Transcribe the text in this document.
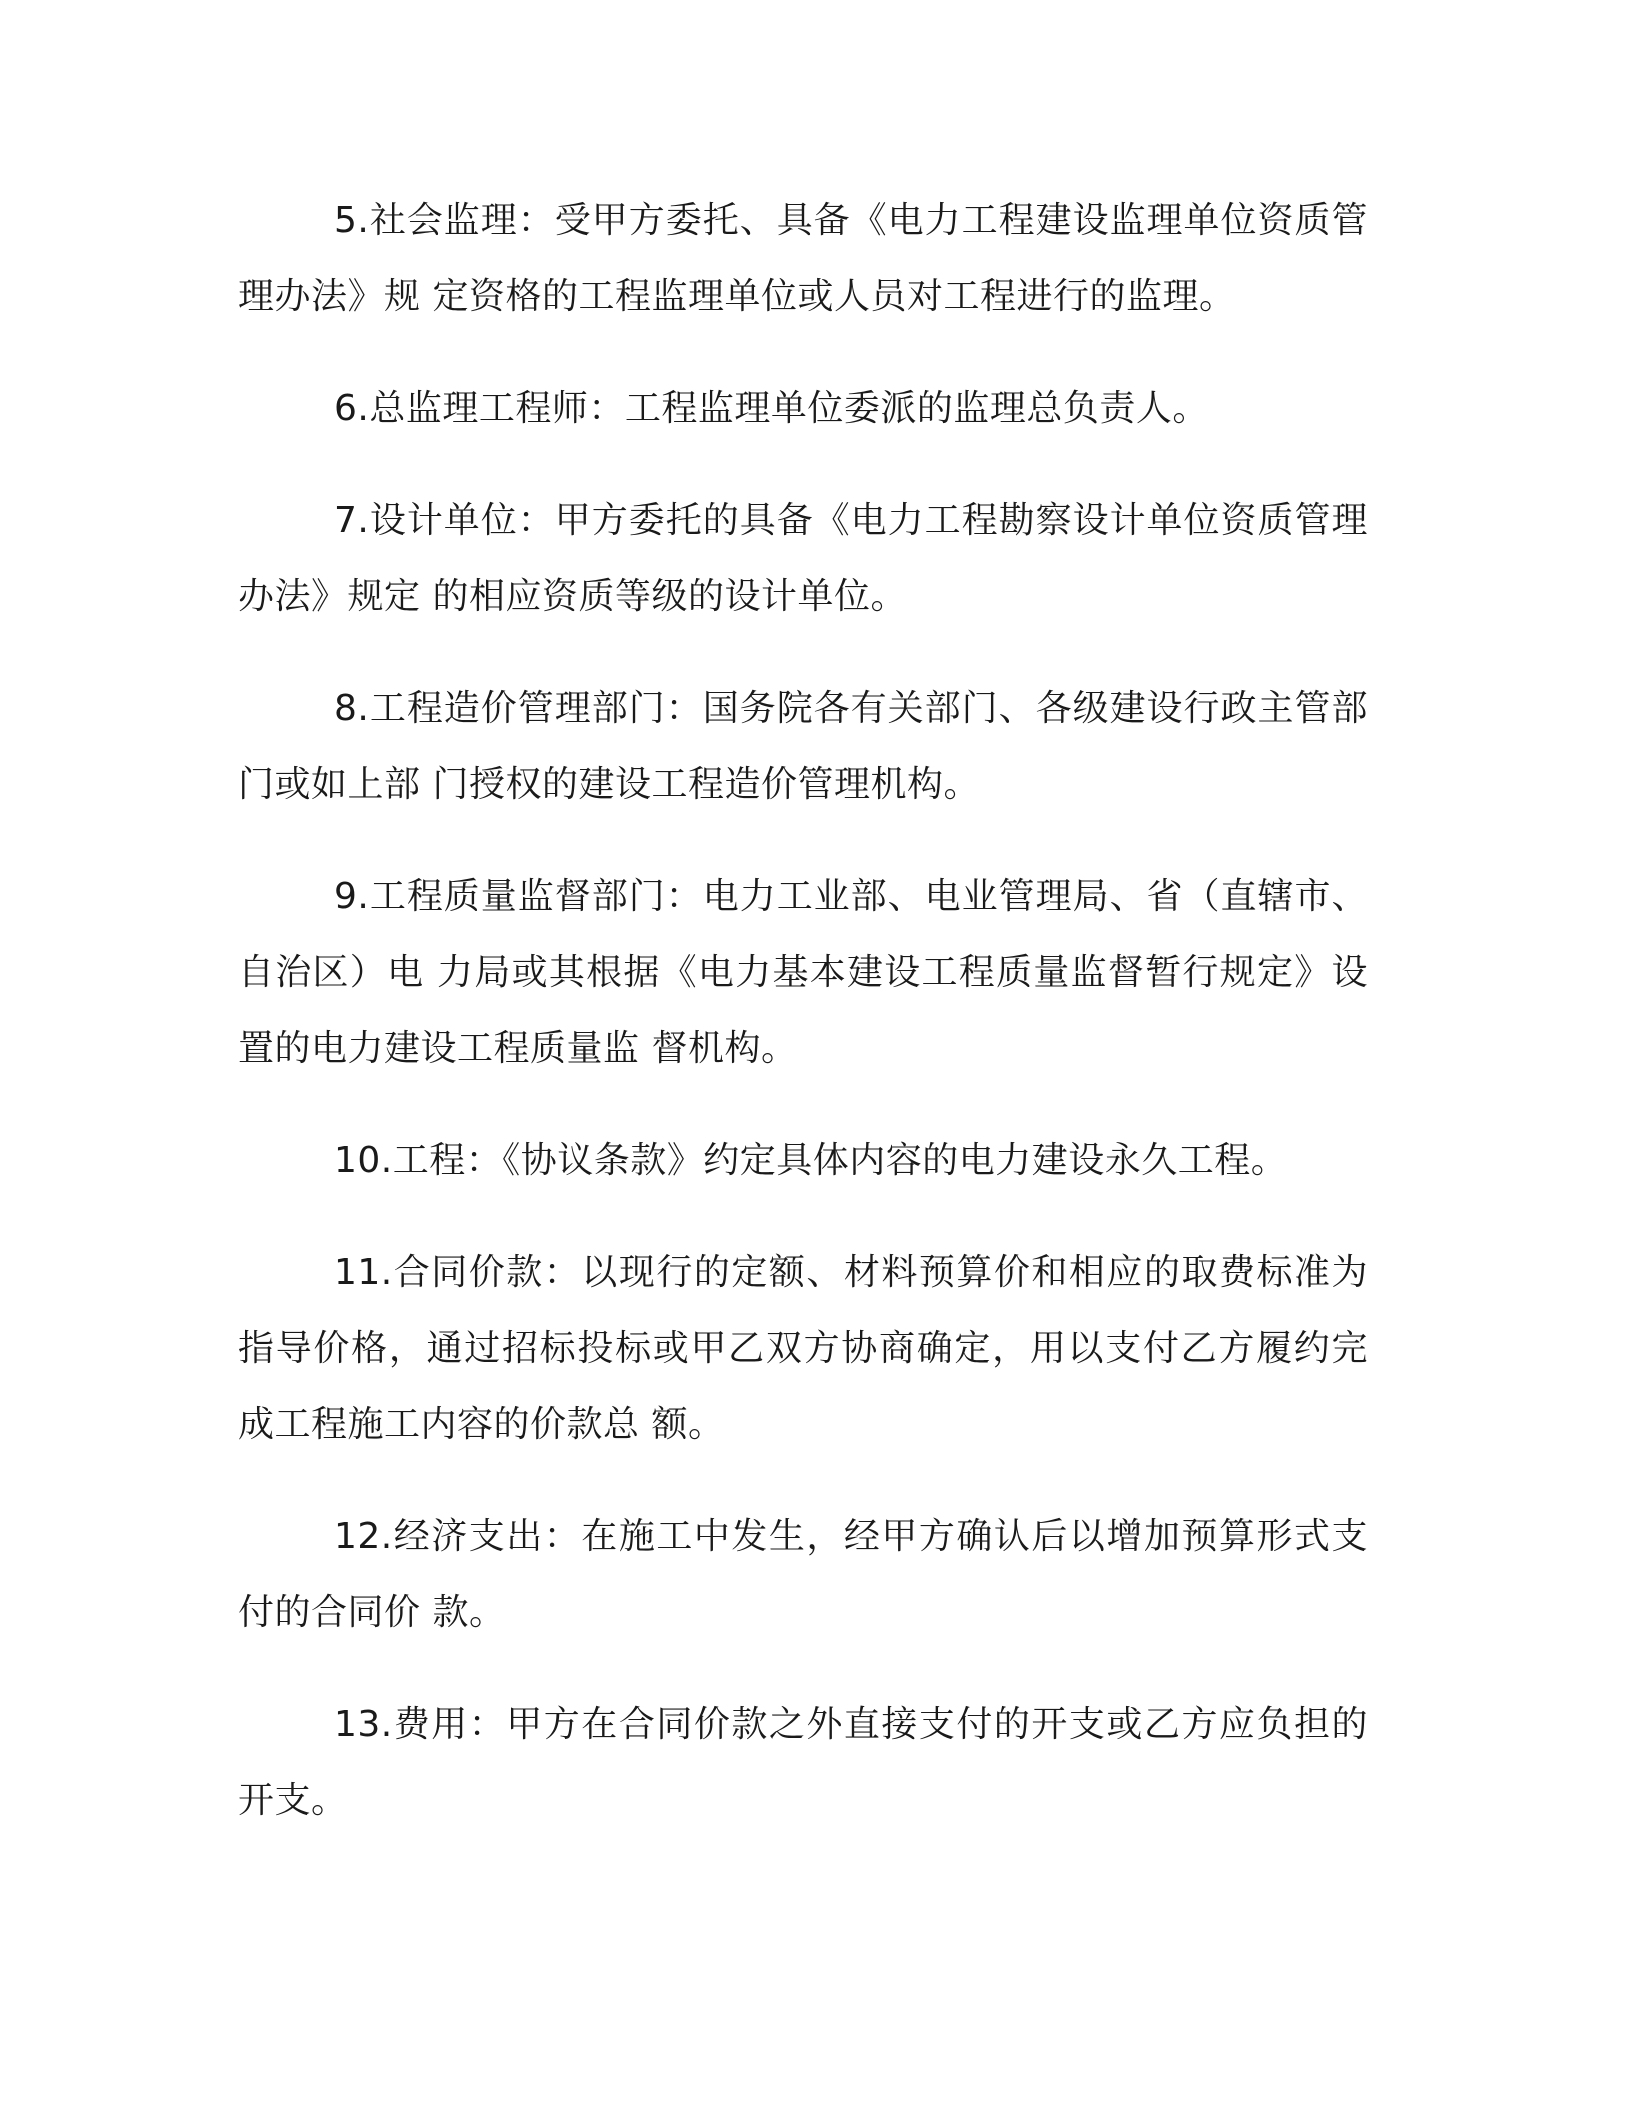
5.社会监理：受甲方委托、具备《电力工程建设监理单位资质管理办法》规 定资格的工程监理单位或人员对工程进行的监理。

6.总监理工程师：工程监理单位委派的监理总负责人。

7.设计单位：甲方委托的具备《电力工程勘察设计单位资质管理办法》规定 的相应资质等级的设计单位。

8.工程造价管理部门：国务院各有关部门、各级建设行政主管部门或如上部 门授权的建设工程造价管理机构。

9.工程质量监督部门：电力工业部、电业管理局、省（直辖市、自治区）电 力局或其根据《电力基本建设工程质量监督暂行规定》设置的电力建设工程质量监 督机构。

10.工程：《协议条款》约定具体内容的电力建设永久工程。

11.合同价款：以现行的定额、材料预算价和相应的取费标准为指导价格，通过招标投标或甲乙双方协商确定，用以支付乙方履约完成工程施工内容的价款总 额。

12.经济支出：在施工中发生，经甲方确认后以增加预算形式支付的合同价 款。

13.费用：甲方在合同价款之外直接支付的开支或乙方应负担的开支。
